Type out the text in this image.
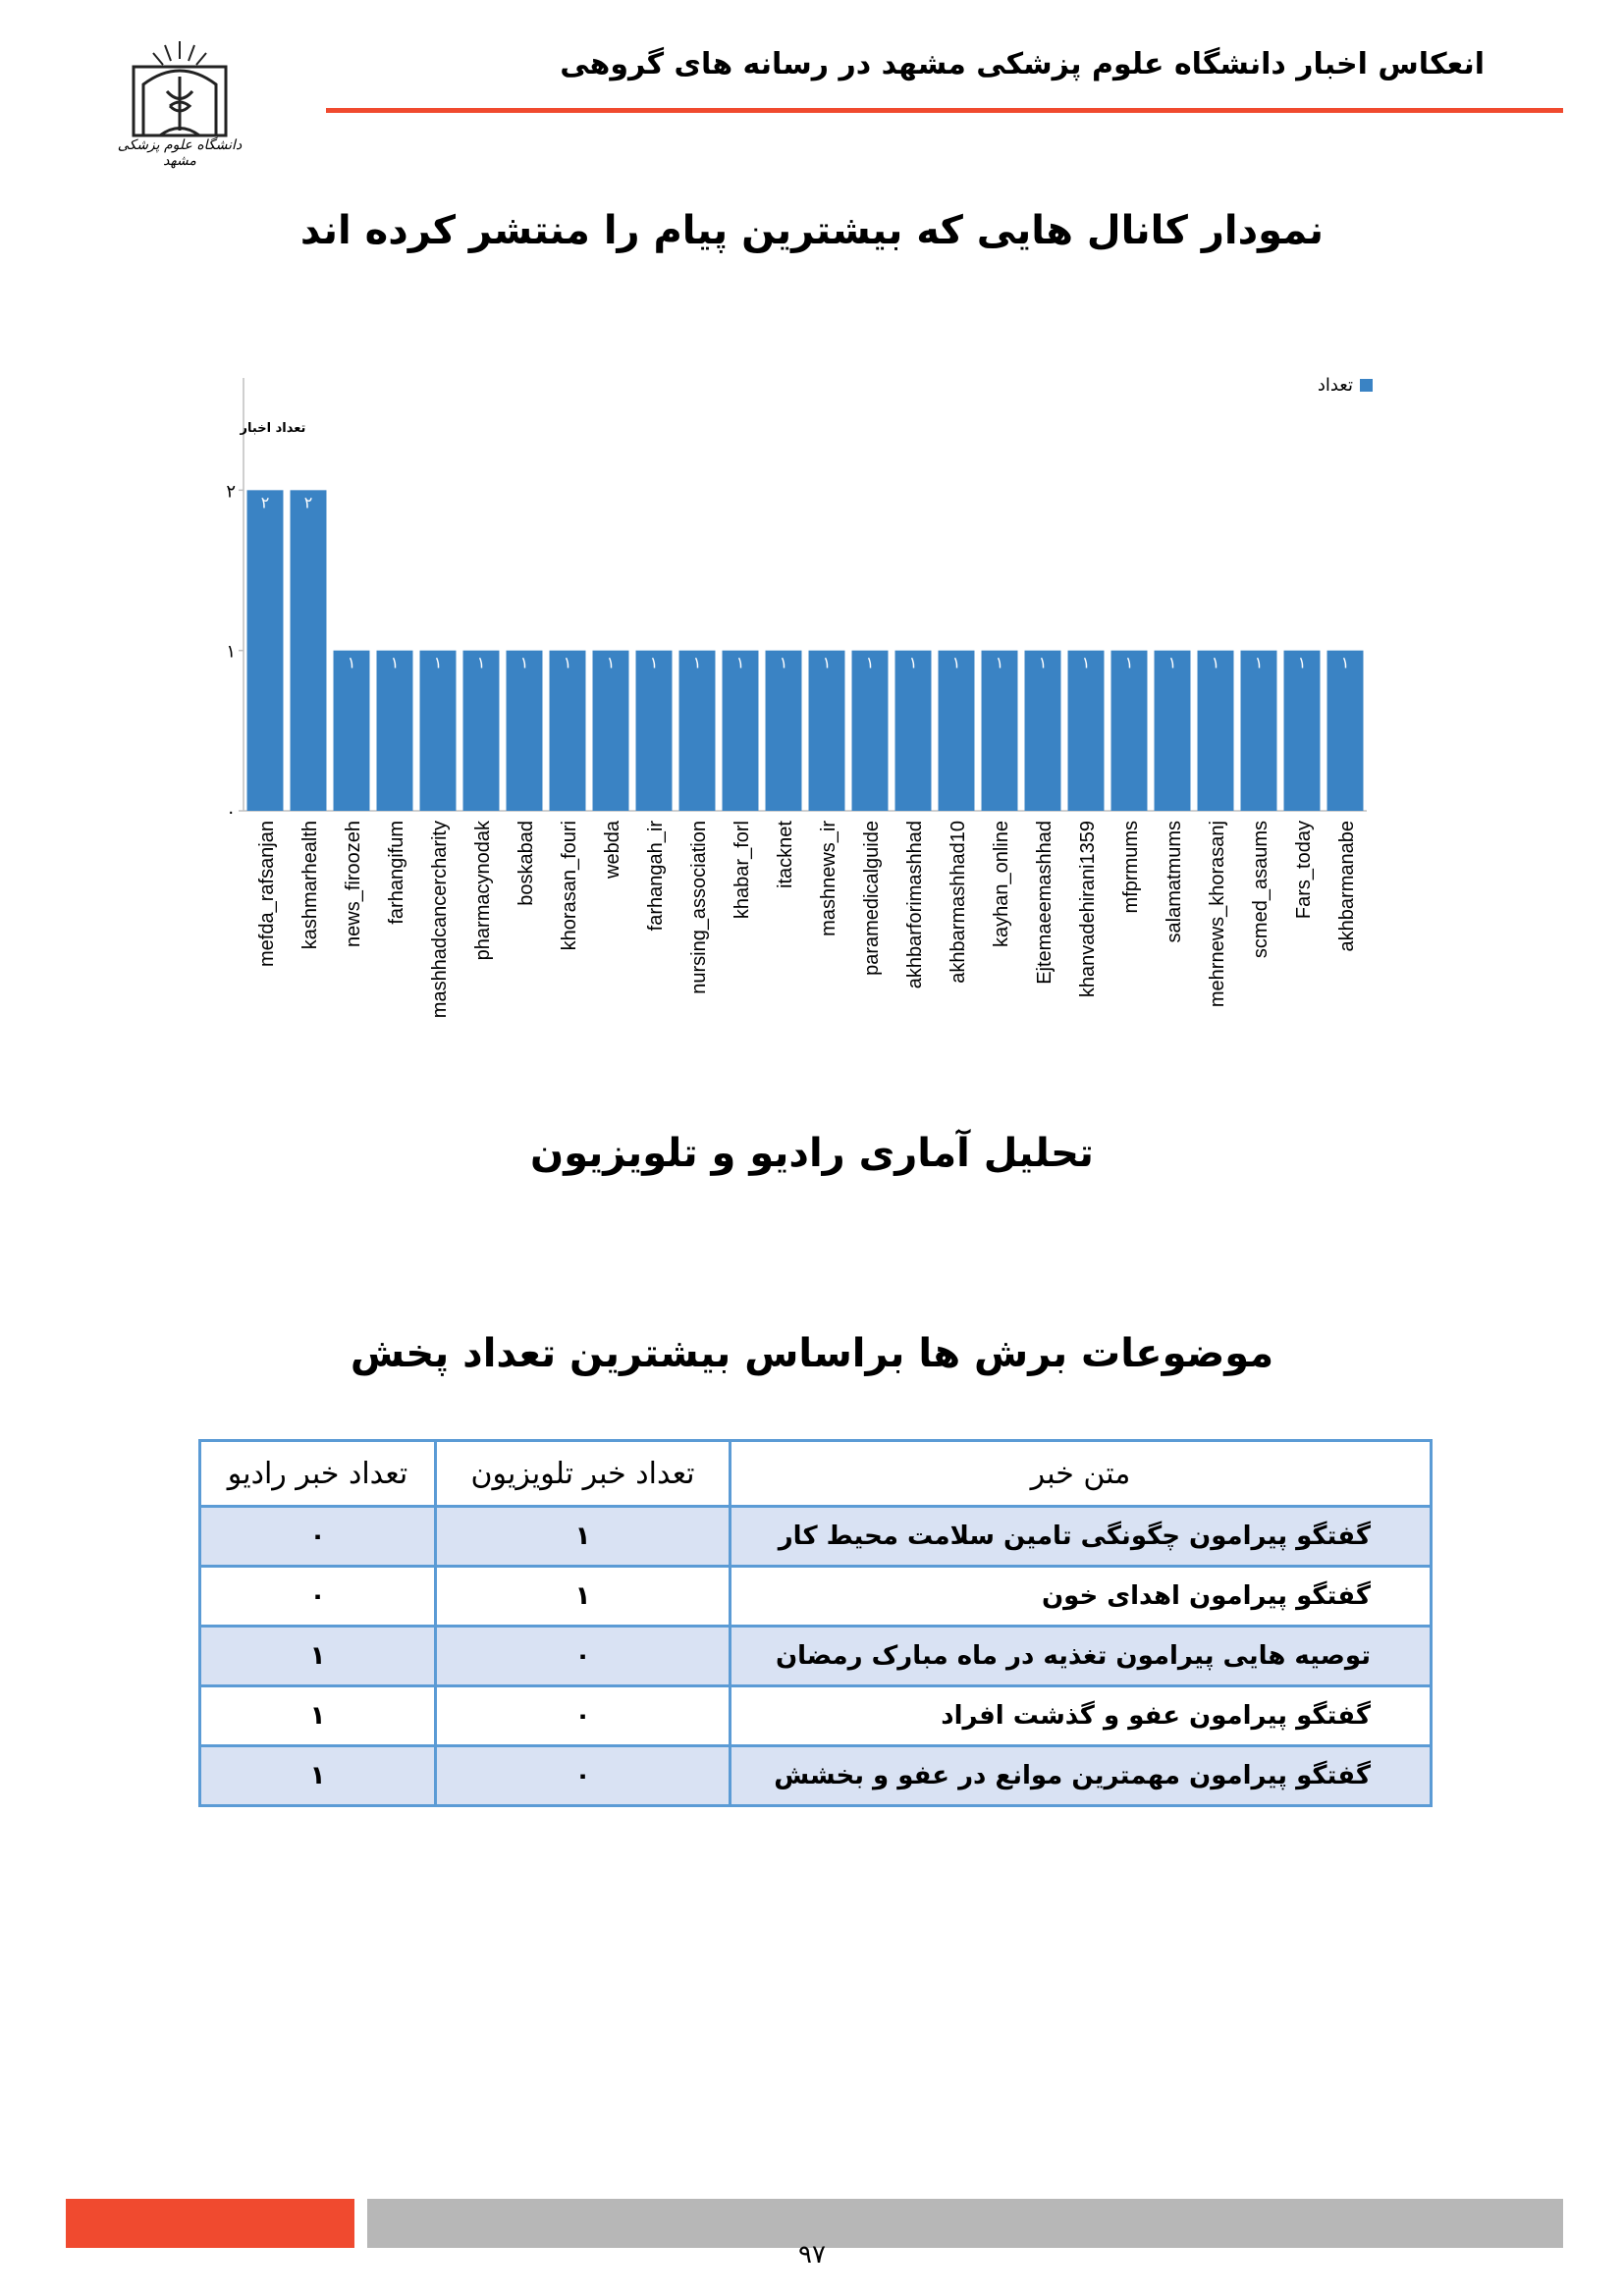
انعکاس اخبار دانشگاه علوم پزشکی مشهد در رسانه های گروهی
دانشگاه علوم پزشکی مشهد
نمودار کانال هایی که بیشترین پیام را منتشر کرده اند
۰
۱
۲
تعداد اخبار
۲
mefda_rafsanjan
۲
kashmarhealth
۱
news_firoozeh
۱
farhangifum
۱
mashhadcancercharity
۱
pharmacynodak
۱
boskabad
۱
khorasan_fouri
۱
webda
۱
farhangah_ir
۱
nursing_association
۱
khabar_forl
۱
itacknet
۱
mashnews_ir
۱
paramedicalguide
۱
akhbarforimashhad
۱
akhbarmashhad10
۱
kayhan_online
۱
Ejtemaeemashhad
۱
khanvadehirani1359
۱
mfprmums
۱
salamatmums
۱
mehrnews_khorasanj
۱
scmed_asaums
۱
Fars_today
۱
akhbarmanabe
تعداد
تحلیل آماری رادیو و تلویزیون
موضوعات برش ها براساس بیشترین تعداد پخش
متن خبر	تعداد خبر تلویزیون	تعداد خبر رادیو
گفتگو پیرامون چگونگی تامین سلامت محیط کار	۱	۰
گفتگو پیرامون اهدای خون	۱	۰
توصیه هایی پیرامون تغذیه در ماه مبارک رمضان	۰	۱
گفتگو پیرامون عفو و گذشت افراد	۰	۱
گفتگو پیرامون مهمترین موانع در عفو و بخشش	۰	۱
۹۷
